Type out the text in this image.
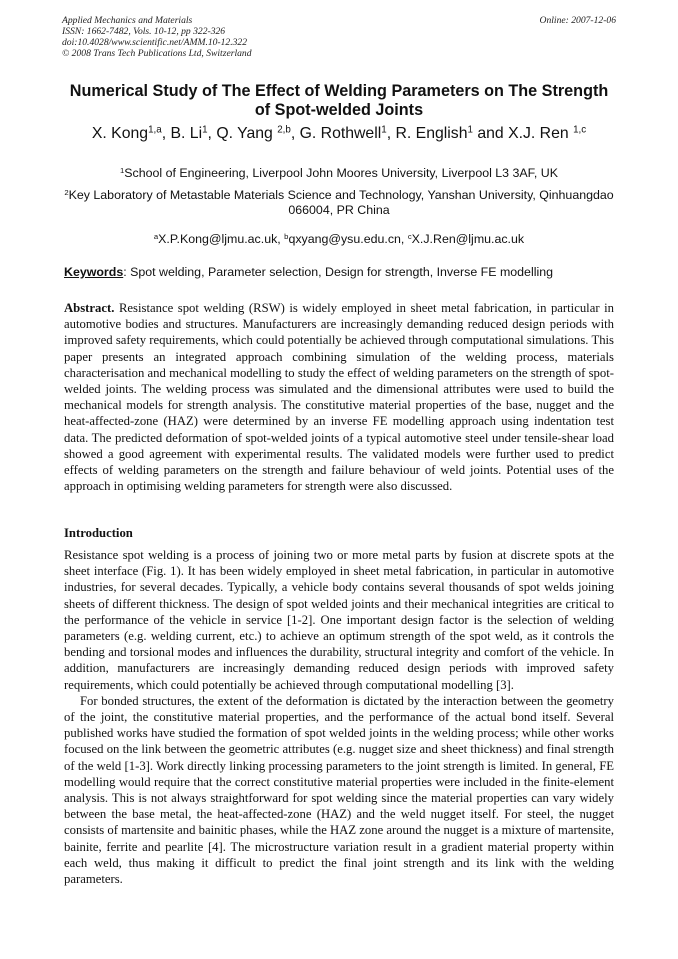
Applied Mechanics and Materials
ISSN: 1662-7482, Vols. 10-12, pp 322-326
doi:10.4028/www.scientific.net/AMM.10-12.322
© 2008 Trans Tech Publications Ltd, Switzerland
Online: 2007-12-06
Numerical Study of The Effect of Welding Parameters on The Strength of Spot-welded Joints
X. Kong$^{1,a}$, B. Li$^1$, Q. Yang $^{2,b}$, G. Rothwell$^1$, R. English$^1$ and X.J. Ren $^{1,c}$
$^1$School of Engineering, Liverpool John Moores University, Liverpool L3 3AF, UK
$^2$Key Laboratory of Metastable Materials Science and Technology, Yanshan University, Qinhuangdao 066004, PR China
$^a$X.P.Kong@ljmu.ac.uk, $^b$qxyang@ysu.edu.cn, $^c$X.J.Ren@ljmu.ac.uk
Keywords: Spot welding, Parameter selection, Design for strength, Inverse FE modelling

Abstract. Resistance spot welding (RSW) is widely employed in sheet metal fabrication, in particular in automotive bodies and structures. Manufacturers are increasingly demanding reduced design periods with improved safety requirements, which could potentially be achieved through computational simulations. This paper presents an integrated approach combining simulation of the welding process, materials characterisation and mechanical modelling to study the effect of welding parameters on the strength of spot-welded joints. The welding process was simulated and the dimensional attributes were used to build the mechanical models for strength analysis. The constitutive material properties of the base, nugget and the heat-affected-zone (HAZ) were determined by an inverse FE modelling approach using indentation test data. The predicted deformation of spot-welded joints of a typical automotive steel under tensile-shear load showed a good agreement with experimental results. The validated models were further used to predict effects of welding parameters on the strength and failure behaviour of weld joints. Potential uses of the approach in optimising welding parameters for strength were also discussed.

Introduction

Resistance spot welding is a process of joining two or more metal parts by fusion at discrete spots at the sheet interface (Fig. 1). It has been widely employed in sheet metal fabrication, in particular in automotive industries, for several decades. Typically, a vehicle body contains several thousands of spot welds joining sheets of different thickness. The design of spot welded joints and their mechanical integrities are critical to the performance of the vehicle in service [1-2]. One important design factor is the selection of welding parameters (e.g. welding current, etc.) to achieve an optimum strength of the spot weld, as it controls the bending and torsional modes and influences the durability, structural integrity and comfort of the vehicle. In addition, manufacturers are increasingly demanding reduced design periods with improved safety requirements, which could potentially be achieved through computational modelling [3].

For bonded structures, the extent of the deformation is dictated by the interaction between the geometry of the joint, the constitutive material properties, and the performance of the actual bond itself. Several published works have studied the formation of spot welded joints in the welding process; while other works focused on the link between the geometric attributes (e.g. nugget size and sheet thickness) and final strength of the weld [1-3]. Work directly linking processing parameters to the joint strength is limited. In general, FE modelling would require that the correct constitutive material properties were included in the finite-element analysis. This is not always straightforward for spot welding since the material properties can vary widely between the base metal, the heat-affected-zone (HAZ) and the weld nugget itself. For steel, the nugget consists of martensite and bainitic phases, while the HAZ zone around the nugget is a mixture of martensite, bainite, ferrite and pearlite [4]. The microstructure variation result in a gradient material property within each weld, thus making it difficult to predict the final joint strength and its link with the welding parameters.
